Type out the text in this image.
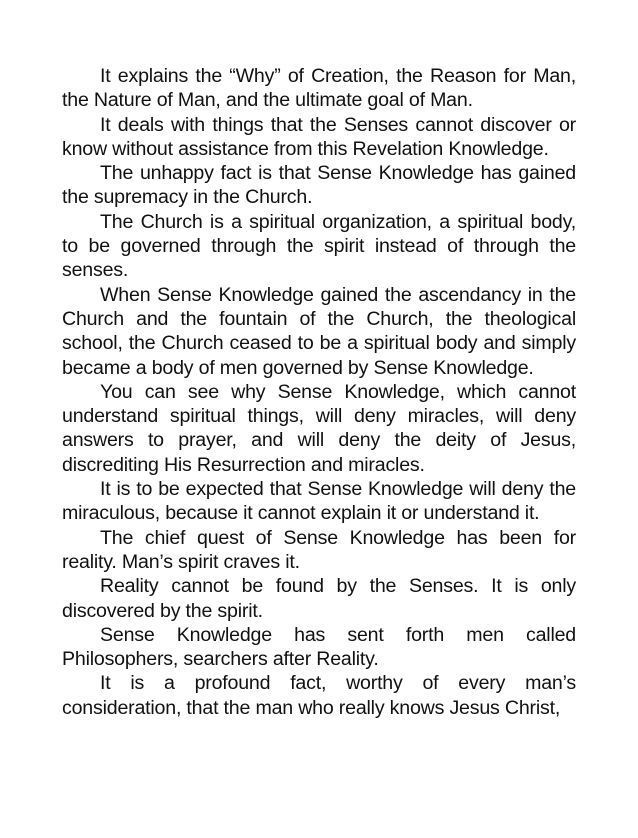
It explains the “Why” of Creation, the Reason for Man, the Nature of Man, and the ultimate goal of Man.

It deals with things that the Senses cannot discover or know without assistance from this Revelation Knowledge.

The unhappy fact is that Sense Knowledge has gained the supremacy in the Church.

The Church is a spiritual organization, a spiritual body, to be governed through the spirit instead of through the senses.

When Sense Knowledge gained the ascendancy in the Church and the fountain of the Church, the theological school, the Church ceased to be a spiritual body and simply became a body of men governed by Sense Knowledge.

You can see why Sense Knowledge, which cannot understand spiritual things, will deny miracles, will deny answers to prayer, and will deny the deity of Jesus, discrediting His Resurrection and miracles.

It is to be expected that Sense Knowledge will deny the miraculous, because it cannot explain it or understand it.

The chief quest of Sense Knowledge has been for reality. Man’s spirit craves it.

Reality cannot be found by the Senses. It is only discovered by the spirit.

Sense Knowledge has sent forth men called Philosophers, searchers after Reality.

It is a profound fact, worthy of every man’s consideration, that the man who really knows Jesus Christ,
